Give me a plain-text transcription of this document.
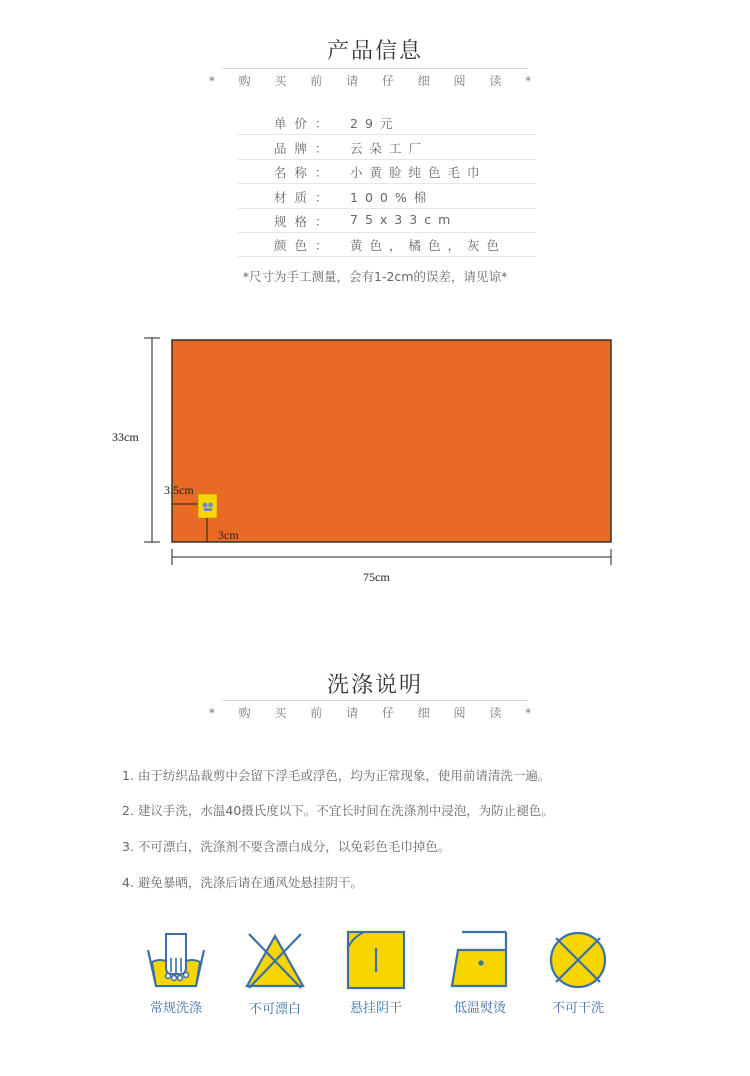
产品信息
* 购 买 前 请 仔 细 阅 读 *
单价： 29元
品牌： 云朵工厂
名称： 小黄脸纯色毛巾
材质： 100%棉
规格： 75x33cm
颜色： 黄色，橘色，灰色
*尺寸为手工测量，会有1-2cm的误差，请见谅*
33cm
75cm
3.5cm
3cm
洗涤说明
* 购 买 前 请 仔 细 阅 读 *
1. 由于纺织品裁剪中会留下浮毛或浮色，均为正常现象，使用前请清洗一遍。
2. 建议手洗，水温40摄氏度以下。不宜长时间在洗涤剂中浸泡，为防止褪色。
3. 不可漂白，洗涤剂不要含漂白成分，以免彩色毛巾掉色。
4. 避免暴晒，洗涤后请在通风处悬挂阴干。
常规洗涤	不可漂白	悬挂阴干	低温熨烫	不可干洗
